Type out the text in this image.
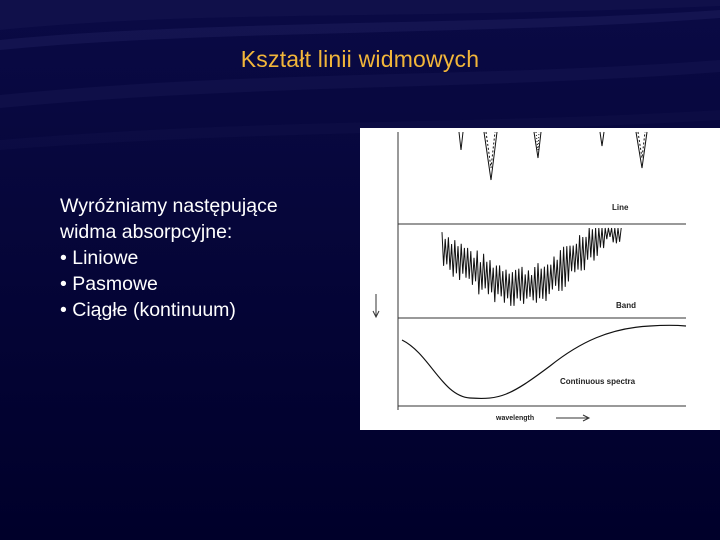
Kształt linii widmowych
Wyróżniamy następujące
widma absorpcyjne:
• Liniowe
• Pasmowe
• Ciągłe (kontinuum)
Line
Band
Continuous spectra
wavelength
